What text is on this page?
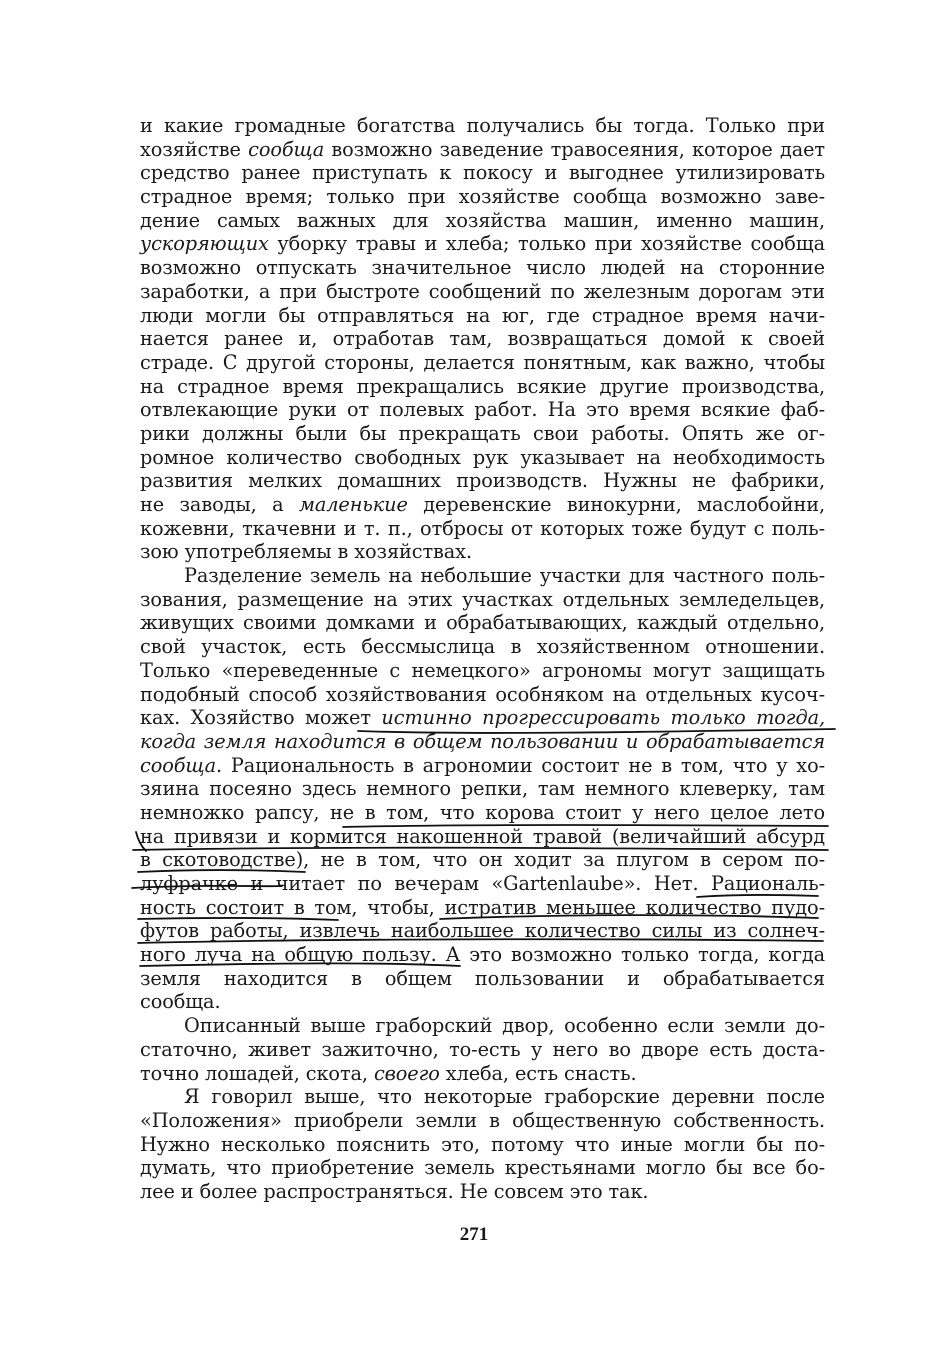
и какие громадные богатства получались бы тогда. Только при
хозяйстве сообща возможно заведение травосеяния, которое дает
средство ранее приступать к покосу и выгоднее утилизировать
страдное время; только при хозяйстве сообща возможно заве-
дение самых важных для хозяйства машин, именно машин,
ускоряющих уборку травы и хлеба; только при хозяйстве сообща
возможно отпускать значительное число людей на сторонние
заработки, а при быстроте сообщений по железным дорогам эти
люди могли бы отправляться на юг, где страдное время начи-
нается ранее и, отработав там, возвращаться домой к своей
страде. С другой стороны, делается понятным, как важно, чтобы
на страдное время прекращались всякие другие производства,
отвлекающие руки от полевых работ. На это время всякие фаб-
рики должны были бы прекращать свои работы. Опять же ог-
ромное количество свободных рук указывает на необходимость
развития мелких домашних производств. Нужны не фабрики,
не заводы, а маленькие деревенские винокурни, маслобойни,
кожевни, ткачевни и т. п., отбросы от которых тоже будут с поль-
зою употребляемы в хозяйствах.
Разделение земель на небольшие участки для частного поль-
зования, размещение на этих участках отдельных земледельцев,
живущих своими домками и обрабатывающих, каждый отдельно,
свой участок, есть бессмыслица в хозяйственном отношении.
Только «переведенные с немецкого» агрономы могут защищать
подобный способ хозяйствования особняком на отдельных кусоч-
ках. Хозяйство может истинно прогрессировать только тогда,
когда земля находится в общем пользовании и обрабатывается
сообща. Рациональность в агрономии состоит не в том, что у хо-
зяина посеяно здесь немного репки, там немного клеверку, там
немножко рапсу, не в том, что корова стоит у него целое лето
на привязи и кормится накошенной травой (величайший абсурд
в скотоводстве), не в том, что он ходит за плугом в сером по-
луфрачке и читает по вечерам «Gartenlaube». Нет. Рациональ-
ность состоит в том, чтобы, истратив меньшее количество пудо-
футов работы, извлечь наибольшее количество силы из солнеч-
ного луча на общую пользу. А это возможно только тогда, когда
земля находится в общем пользовании и обрабатывается
сообща.
Описанный выше граборский двор, особенно если земли до-
статочно, живет зажиточно, то-есть у него во дворе есть доста-
точно лошадей, скота, своего хлеба, есть снасть.
Я говорил выше, что некоторые граборские деревни после
«Положения» приобрели земли в общественную собственность.
Нужно несколько пояснить это, потому что иные могли бы по-
думать, что приобретение земель крестьянами могло бы все бо-
лее и более распространяться. Не совсем это так.
271
